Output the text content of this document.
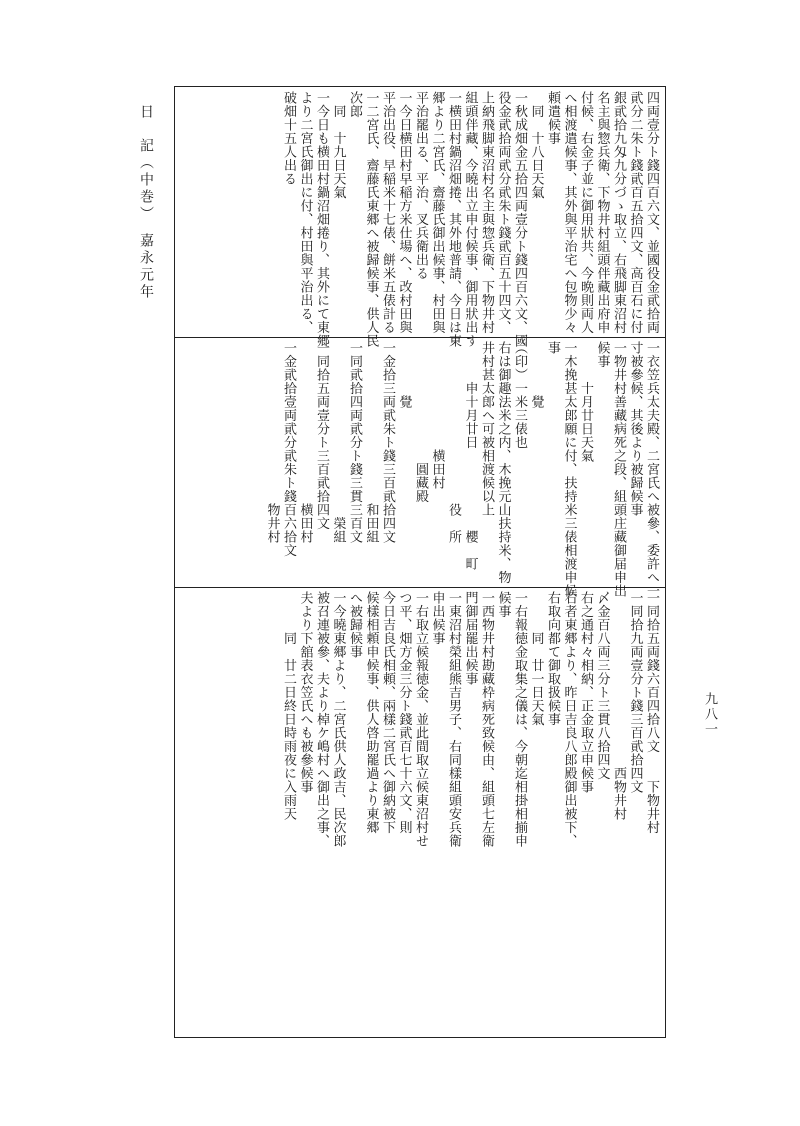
日　記（中巻）　嘉永元年
九八一
四両壹分ト錢四百六文、並國役金貮拾両
貮分二朱ト錢貮百五拾四文、高百石に付
銀貮拾九匁九分づゝ取立、右飛脚東沼村
名主與惣兵衛、下物井村組頭伴藏出府申
付候、右金子並に御用狀共、今晩則両人
へ相渡遣候事、其外與平治宅へ包物少々
頼遣候事
　同　十八日天氣
一秋成畑金五拾四両壹分ト錢四百六文、國
役金貮拾両貮分貮朱ト錢貮百五十四文、
上納飛脚東沼村名主與惣兵衛、下物井村
組頭伴藏、今曉出立申付候事、御用狀出す
一横田村鍋沼畑捲、其外地普請、今日は東
郷より二宮氏、齋藤氏御出候事、村田與
平治罷出る、平治、叉兵衛出る
一今日横田村早稲方米仕場へ、改村田與
平治出役、早稲米十七俵、餅米五俵計る
一二宮氏、齋藤氏東郷へ被歸候事、供人民
次郎
　同　十九日天氣
一今日も横田村鍋沼畑捲り、其外にて東郷
より二宮氏御出に付、村田與平治出る、
破畑十五人出る
一衣笠兵太夫殿、二宮氏へ被參、委許へ一
寸被參候、其後より被歸候事
一物井村善藏病死之段、組頭庄藏御届申出
候事
　　　十月廿日天氣
一木挽甚太郎願に付、扶持米三俵相渡申候
事
　　　　覺
（印）一米三俵也
右は御趣法米之内、木挽元山扶持米、物
井村甚太郎へ可被相渡候以上
　　　申十月廿日　　　　　　櫻　町
　　　　　　　　　　　　役　所
　　　　　　　　横田村
　　　　　　　　　圓藏殿
　　　　覺
一金拾三両貮朱ト錢三百貮拾四文
　　　　　　　　　　　　和田組
一同貮拾四両貮分ト錢三貫三百文
　　　　　　　　　　　　　榮組
一同拾五両壹分ト三百貮拾四文
　　　　　　　　　　　　横田村
一金貮拾壹両貮分貮朱ト錢百六拾文
　　　　　　　　　　　　物井村
一同拾五両錢六百四拾八文　　下物井村
一同拾九両壹分ト錢三百貮拾四文
　　　　　　　　　　　　　西物井村
〆金百八両三分ト三貫八拾四文
右之通村々相納、正金取立申候事
右者東郷より、昨日吉良八郎殿御出被下、
右取向都て御取扱候事
　　　同　廿一日天氣
一右報徳金取集之儀は、今朝迄相掛相揃申
候事
一西物井村勘藏枠病死致候由、組頭七左衛
門御届罷出候事
一東沼村榮組熊吉男子、右同樣組頭安兵衛
申出候事
一右取立候報徳金、並此間取立候東沼村せ
つ平、畑方金三分ト錢貮百七十六文、則
今日吉良氏相頼、兩樣二宮氏へ御納被下
候樣相頼申候事、供人啓助罷過より東郷
へ被歸候事
一今曉東郷より、二宮氏供人政吉、民次郎
被召連被參、夫より棹ケ嶋村へ御出之事、
夫より下舘表衣笠氏へも被參候事
　　　同　廿二日終日時雨夜に入雨天
